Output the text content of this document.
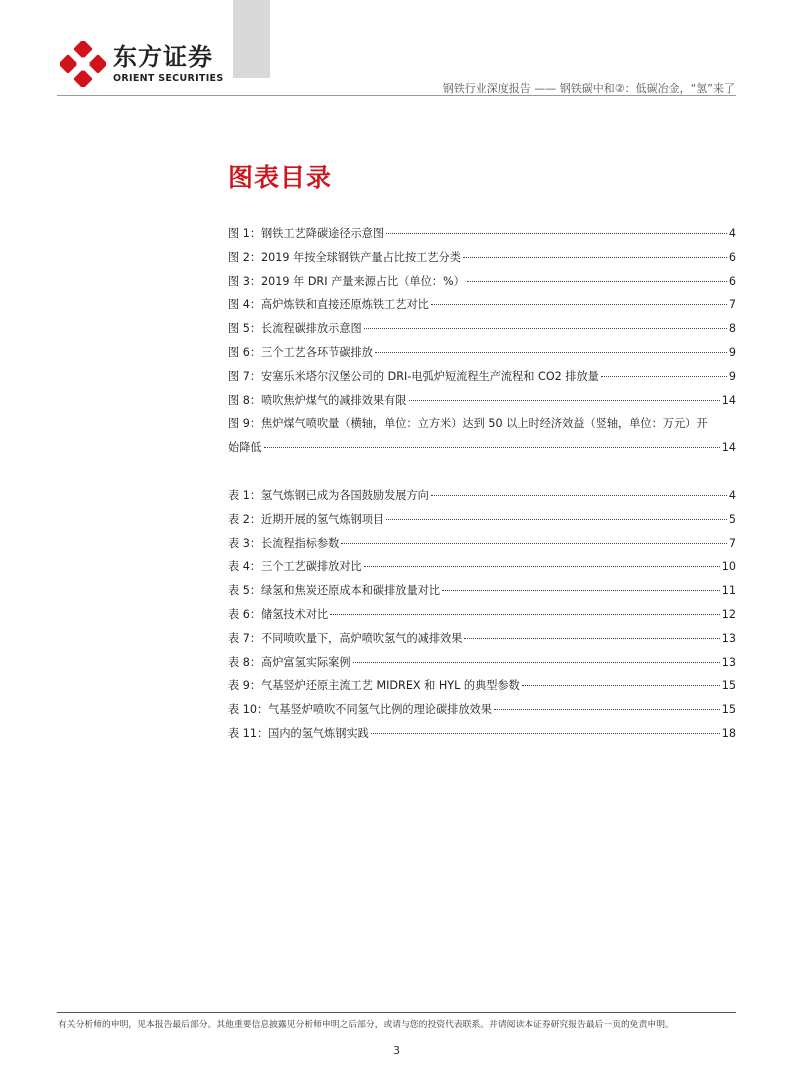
东方证券
ORIENT SECURITIES
钢铁行业深度报告 —— 钢铁碳中和②：低碳冶金，“氢”来了
图表目录
图 1：钢铁工艺降碳途径示意图	4
图 2：2019 年按全球钢铁产量占比按工艺分类	6
图 3：2019 年 DRI 产量来源占比（单位：%）	6
图 4：高炉炼铁和直接还原炼铁工艺对比	7
图 5：长流程碳排放示意图	8
图 6：三个工艺各环节碳排放	9
图 7：安塞乐米塔尔汉堡公司的 DRI-电弧炉短流程生产流程和 CO2 排放量	9
图 8：喷吹焦炉煤气的减排效果有限	14
图 9：焦炉煤气喷吹量（横轴，单位：立方米）达到 50 以上时经济效益（竖轴，单位：万元）开
始降低	14
表 1：氢气炼钢已成为各国鼓励发展方向	4
表 2：近期开展的氢气炼钢项目	5
表 3：长流程指标参数	7
表 4：三个工艺碳排放对比	10
表 5：绿氢和焦炭还原成本和碳排放量对比	11
表 6：储氢技术对比	12
表 7：不同喷吹量下，高炉喷吹氢气的减排效果	13
表 8：高炉富氢实际案例	13
表 9：气基竖炉还原主流工艺 MIDREX 和 HYL 的典型参数	15
表 10：气基竖炉喷吹不同氢气比例的理论碳排放效果	15
表 11：国内的氢气炼钢实践	18
有关分析师的申明，见本报告最后部分。其他重要信息披露见分析师申明之后部分，或请与您的投资代表联系。并请阅读本证券研究报告最后一页的免责申明。
3
